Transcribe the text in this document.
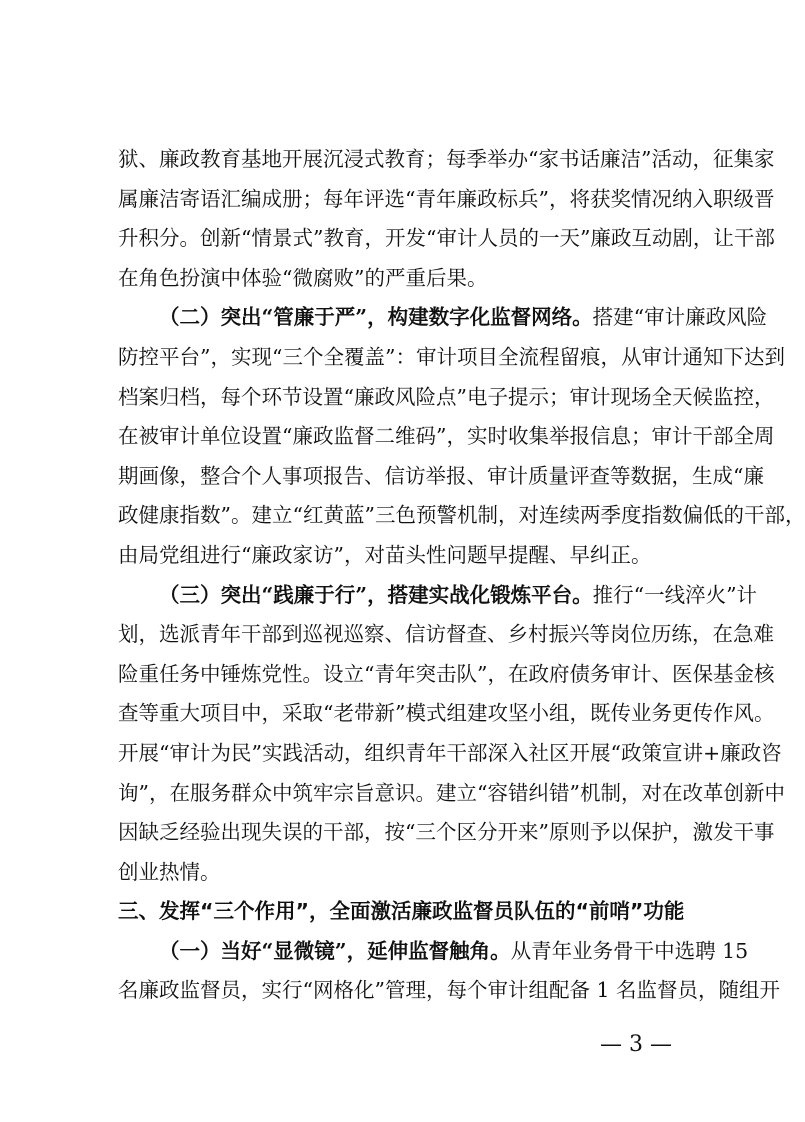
狱、廉政教育基地开展沉浸式教育；每季举办“家书话廉洁”活动，征集家
属廉洁寄语汇编成册；每年评选“青年廉政标兵”，将获奖情况纳入职级晋
升积分。创新“情景式”教育，开发“审计人员的一天”廉政互动剧，让干部
在角色扮演中体验“微腐败”的严重后果。
（二）突出“管廉于严”，构建数字化监督网络。搭建“审计廉政风险
防控平台”，实现“三个全覆盖”：审计项目全流程留痕，从审计通知下达到
档案归档，每个环节设置“廉政风险点”电子提示；审计现场全天候监控，
在被审计单位设置“廉政监督二维码”，实时收集举报信息；审计干部全周
期画像，整合个人事项报告、信访举报、审计质量评查等数据，生成“廉
政健康指数”。建立“红黄蓝”三色预警机制，对连续两季度指数偏低的干部，
由局党组进行“廉政家访”，对苗头性问题早提醒、早纠正。
（三）突出“践廉于行”，搭建实战化锻炼平台。推行“一线淬火”计
划，选派青年干部到巡视巡察、信访督查、乡村振兴等岗位历练，在急难
险重任务中锤炼党性。设立“青年突击队”，在政府债务审计、医保基金核
查等重大项目中，采取“老带新”模式组建攻坚小组，既传业务更传作风。
开展“审计为民”实践活动，组织青年干部深入社区开展“政策宣讲+廉政咨
询”，在服务群众中筑牢宗旨意识。建立“容错纠错”机制，对在改革创新中
因缺乏经验出现失误的干部，按“三个区分开来”原则予以保护，激发干事
创业热情。
三、发挥“三个作用”，全面激活廉政监督员队伍的“前哨”功能
（一）当好“显微镜”，延伸监督触角。从青年业务骨干中选聘 15
名廉政监督员，实行“网格化”管理，每个审计组配备 1 名监督员，随组开
— 3 —
